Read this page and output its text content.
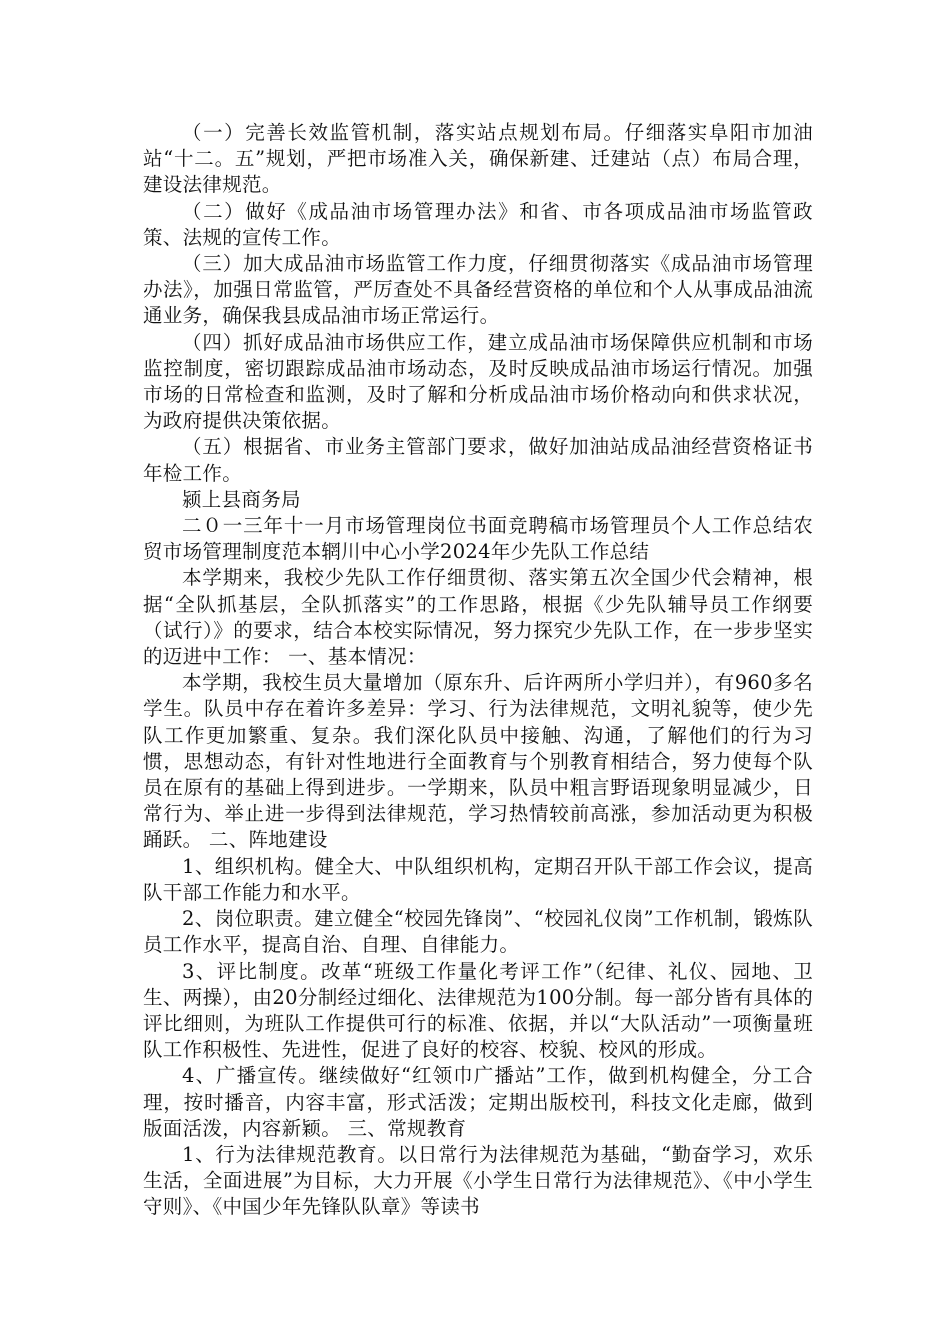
（一）完善长效监管机制，落实站点规划布局。仔细落实阜阳市加油站“十二。五”规划，严把市场准入关，确保新建、迁建站（点）布局合理，建设法律规范。

（二）做好《成品油市场管理办法》和省、市各项成品油市场监管政策、法规的宣传工作。

（三）加大成品油市场监管工作力度，仔细贯彻落实《成品油市场管理办法》，加强日常监管，严厉查处不具备经营资格的单位和个人从事成品油流通业务，确保我县成品油市场正常运行。

（四）抓好成品油市场供应工作，建立成品油市场保障供应机制和市场监控制度，密切跟踪成品油市场动态，及时反映成品油市场运行情况。加强市场的日常检查和监测，及时了解和分析成品油市场价格动向和供求状况，为政府提供决策依据。

（五）根据省、市业务主管部门要求，做好加油站成品油经营资格证书年检工作。

颍上县商务局

二０一三年十一月市场管理岗位书面竞聘稿市场管理员个人工作总结农贸市场管理制度范本辋川中心小学2024年少先队工作总结

本学期来，我校少先队工作仔细贯彻、落实第五次全国少代会精神，根据“全队抓基层，全队抓落实”的工作思路，根据《少先队辅导员工作纲要（试行）》的要求，结合本校实际情况，努力探究少先队工作，在一步步坚实的迈进中工作： 一、基本情况：

本学期，我校生员大量增加（原东升、后许两所小学归并），有960多名学生。队员中存在着许多差异：学习、行为法律规范，文明礼貌等，使少先队工作更加繁重、复杂。我们深化队员中接触、沟通，了解他们的行为习惯，思想动态，有针对性地进行全面教育与个别教育相结合，努力使每个队员在原有的基础上得到进步。一学期来，队员中粗言野语现象明显减少，日常行为、举止进一步得到法律规范，学习热情较前高涨，参加活动更为积极踊跃。 二、阵地建设

1、组织机构。健全大、中队组织机构，定期召开队干部工作会议，提高队干部工作能力和水平。

2、岗位职责。建立健全“校园先锋岗”、“校园礼仪岗”工作机制，锻炼队员工作水平，提高自治、自理、自律能力。

3、评比制度。改革“班级工作量化考评工作”（纪律、礼仪、园地、卫生、两操），由20分制经过细化、法律规范为100分制。每一部分皆有具体的评比细则，为班队工作提供可行的标准、依据，并以“大队活动”一项衡量班队工作积极性、先进性，促进了良好的校容、校貌、校风的形成。

4、广播宣传。继续做好“红领巾广播站”工作，做到机构健全，分工合理，按时播音，内容丰富，形式活泼；定期出版校刊，科技文化走廊，做到版面活泼，内容新颖。 三、常规教育

1、行为法律规范教育。以日常行为法律规范为基础，“勤奋学习，欢乐生活，全面进展”为目标，大力开展《小学生日常行为法律规范》、《中小学生守则》、《中国少年先锋队队章》等读书
